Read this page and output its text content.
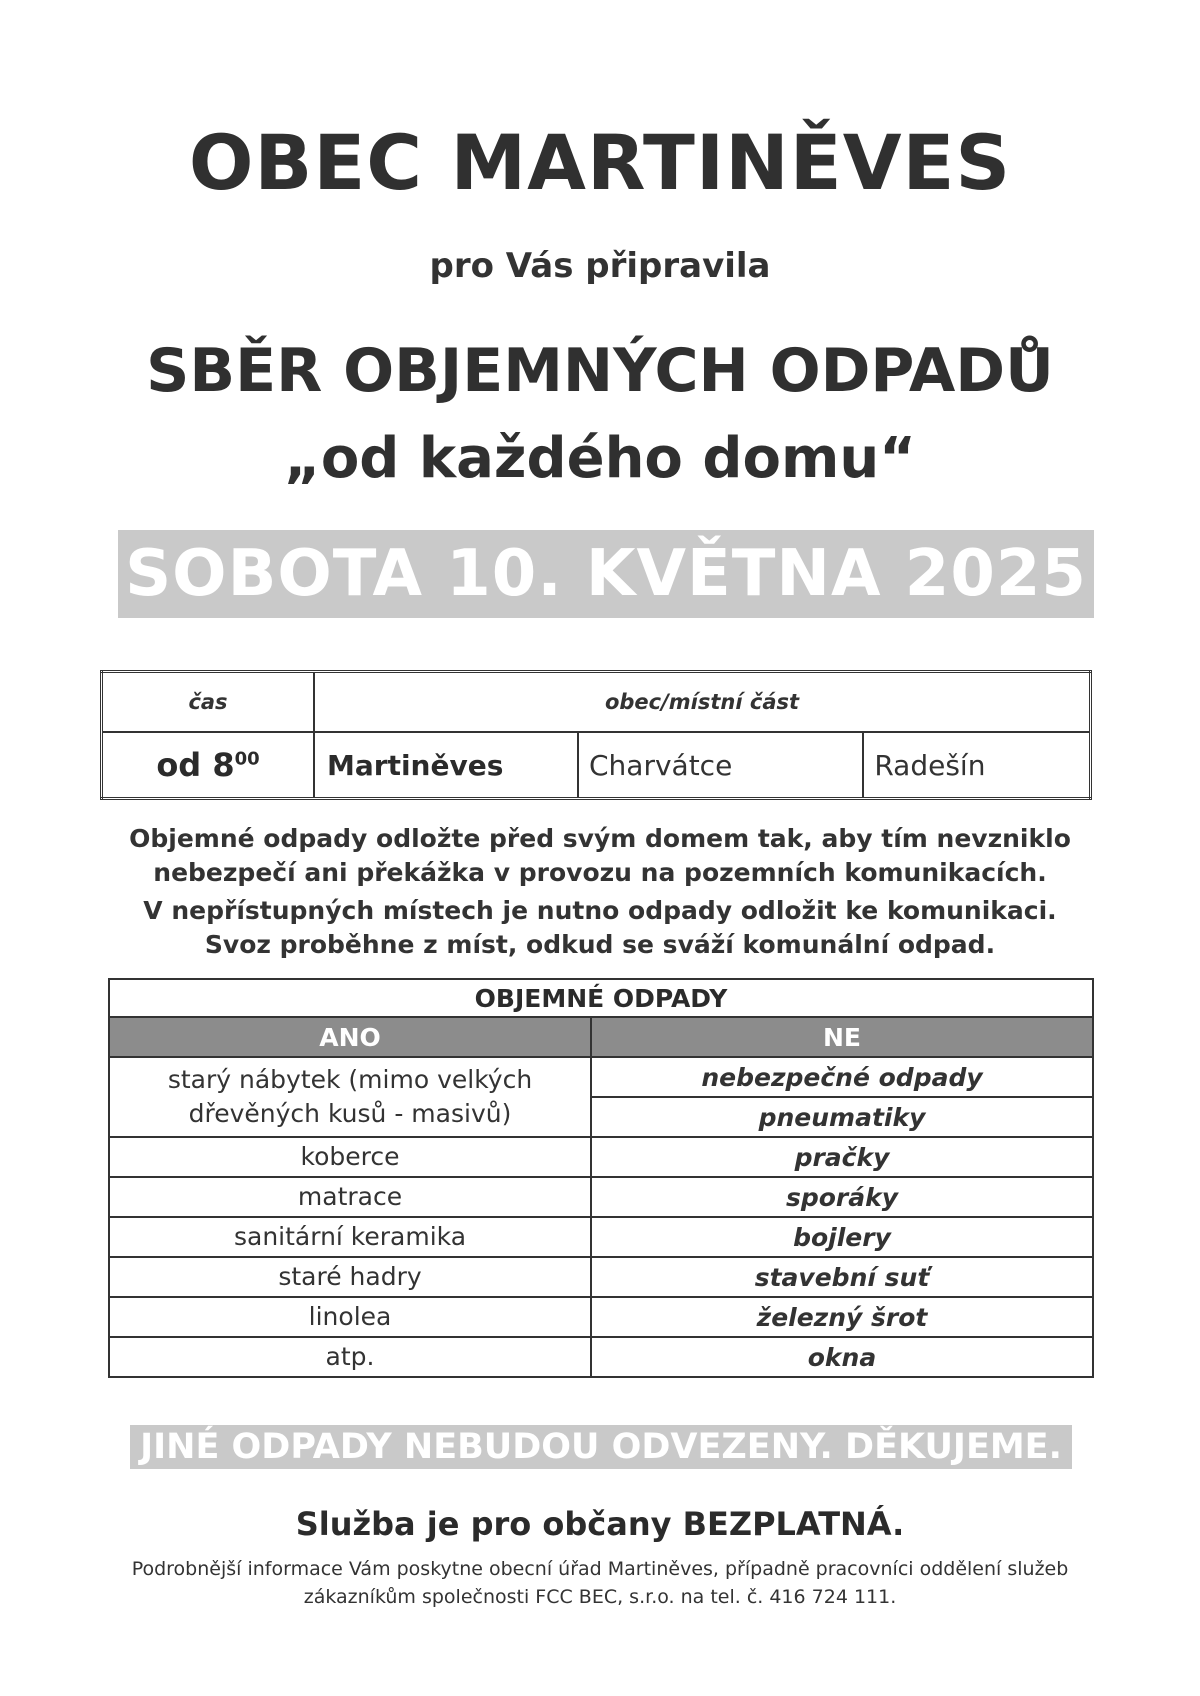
OBEC MARTINĚVES
pro Vás připravila
SBĚR OBJEMNÝCH ODPADŮ
„od každého domu“
SOBOTA 10. KVĚTNA 2025
čas	obec/místní část		
od $8^{00}$	Martiněves	Charvátce	Radešín
Objemné odpady odložte před svým domem tak, aby tím nevzniklo nebezpečí ani překážka v provozu na pozemních komunikacích.
V nepřístupných místech je nutno odpady odložit ke komunikaci. Svoz proběhne z míst, odkud se sváží komunální odpad.
OBJEMNÉ ODPADY	
ANO	NE
starý nábytek (mimo velkých dřevěných kusů - masivů)	nebezpečné odpady
	pneumatiky
koberce	pračky
matrace	sporáky
sanitární keramika	bojlery
staré hadry	stavební suť
linolea	železný šrot
atp.	okna
JINÉ ODPADY NEBUDOU ODVEZENY. DĚKUJEME.
Služba je pro občany BEZPLATNÁ.
Podrobnější informace Vám poskytne obecní úřad Martiněves, případně pracovníci oddělení služeb zákazníkům společnosti FCC BEC, s.r.o. na tel. č. 416 724 111.
